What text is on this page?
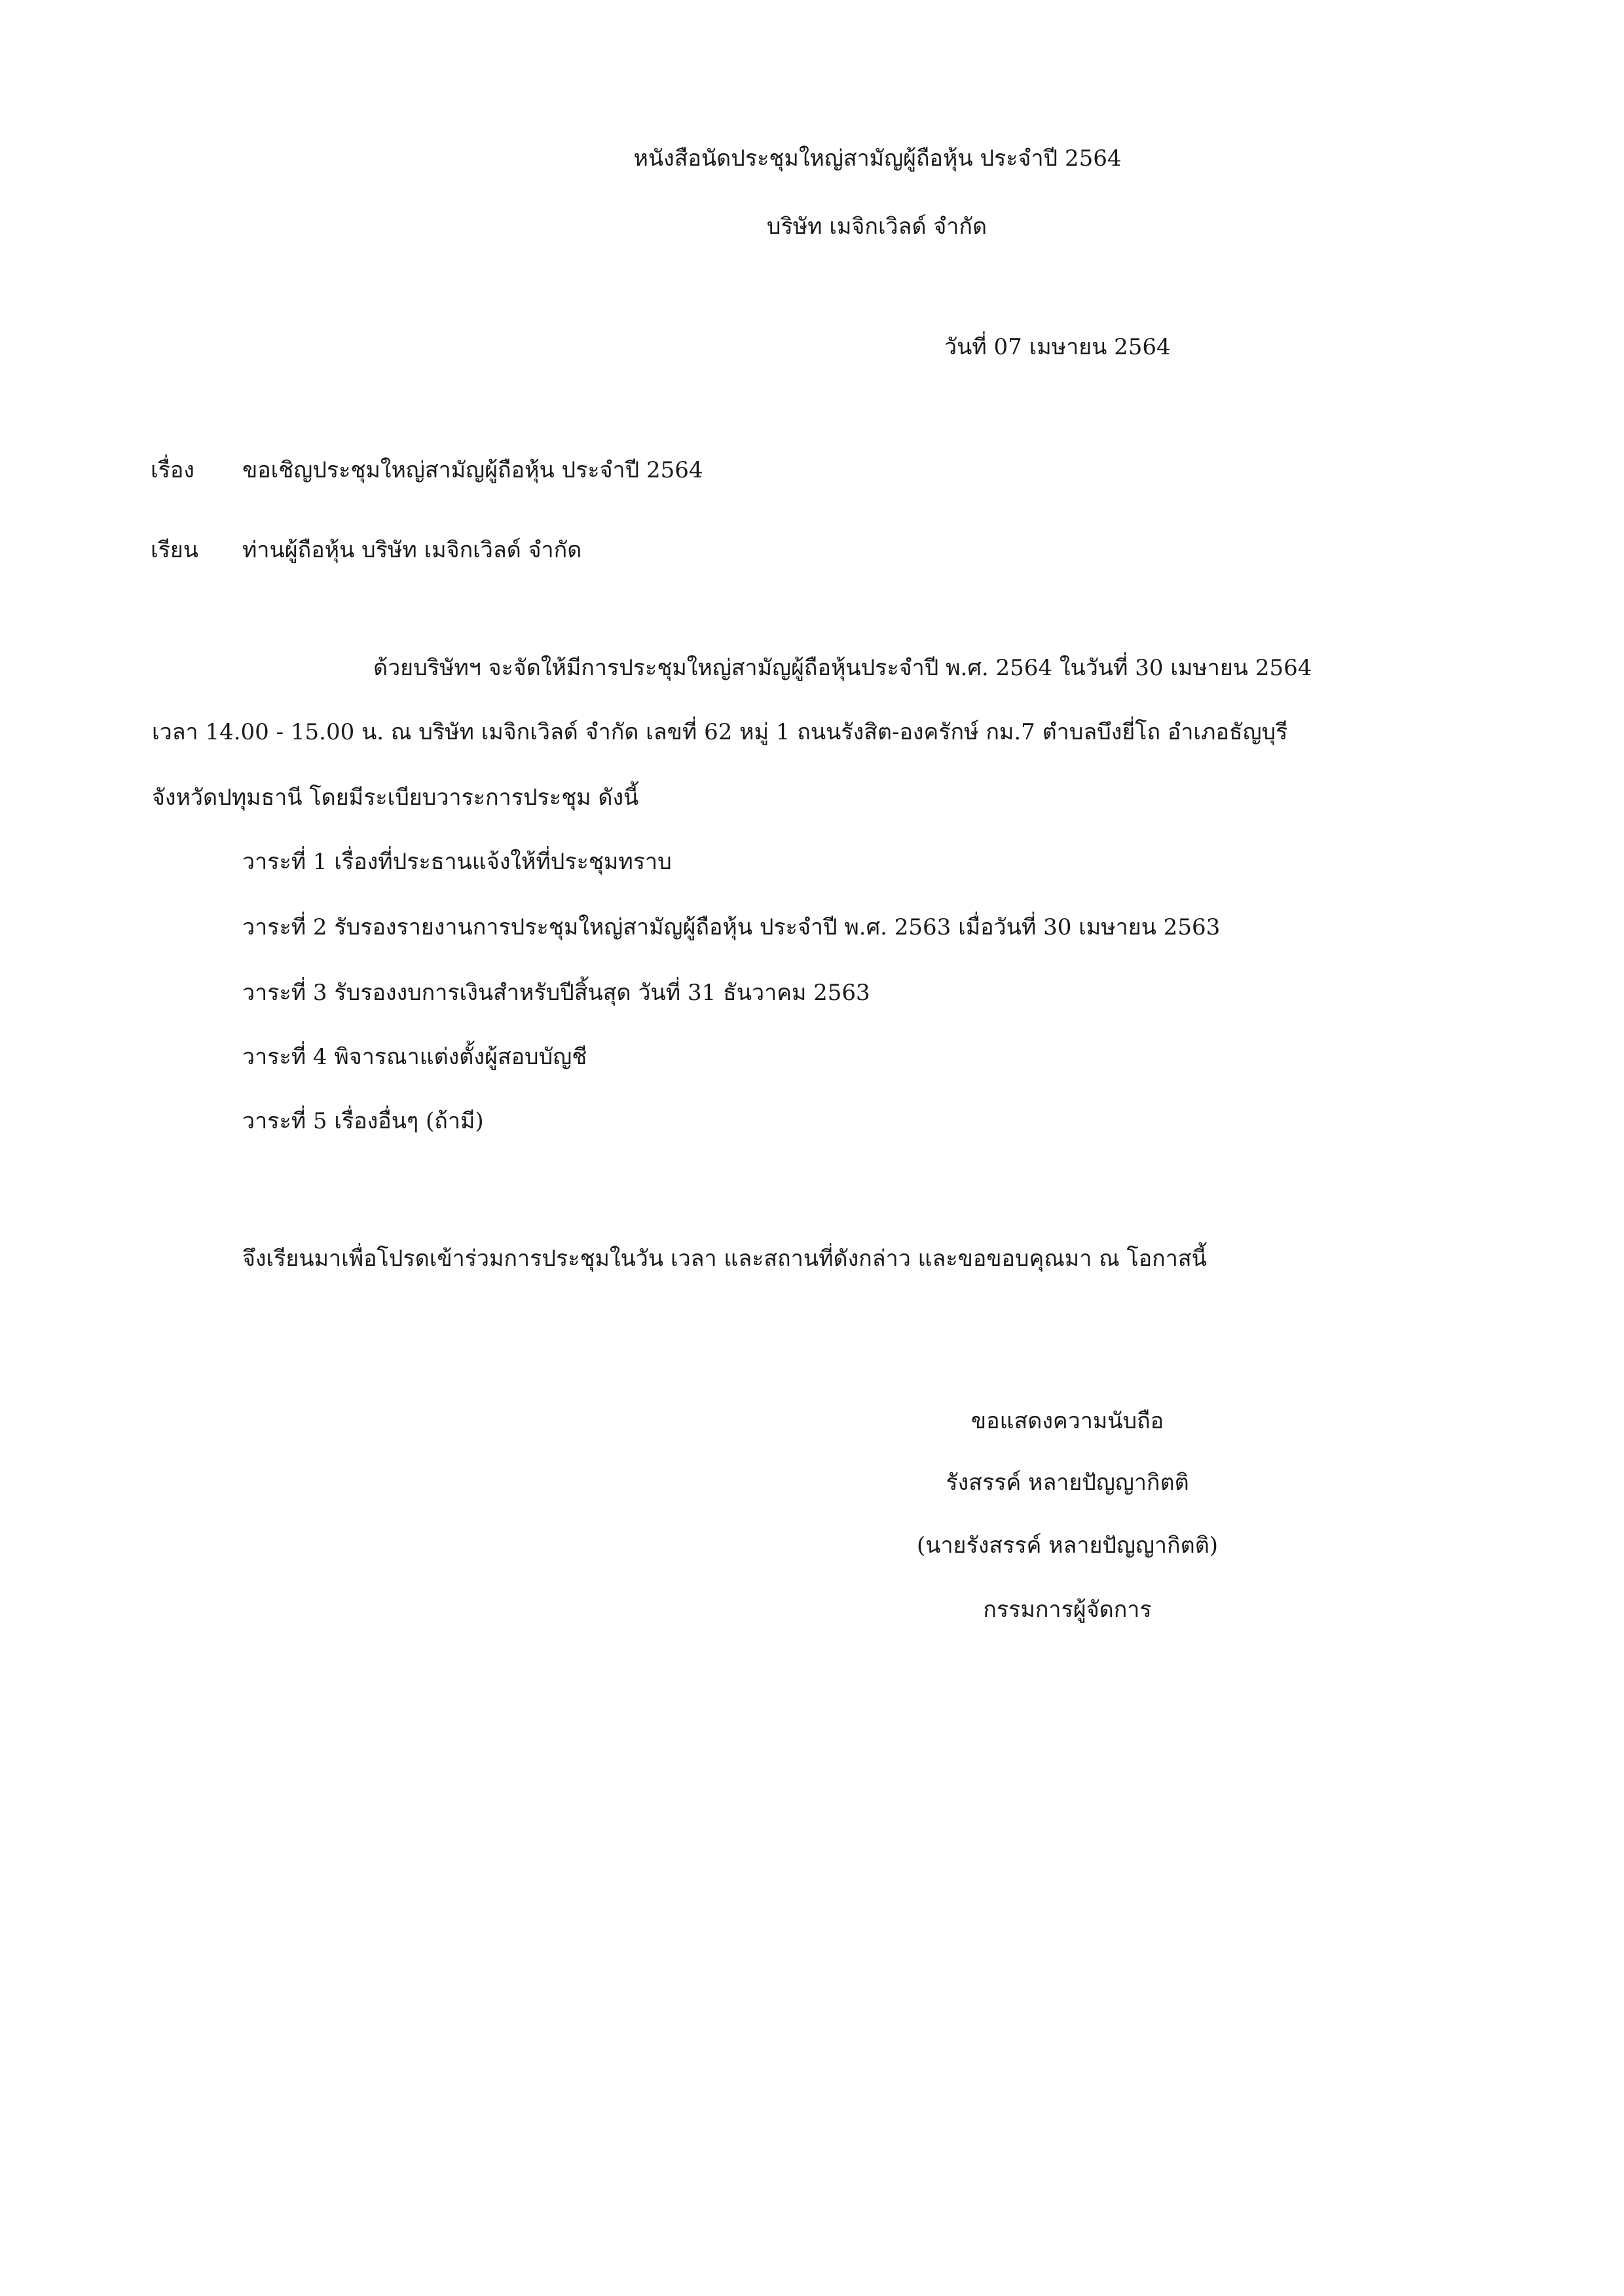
หนังสือนัดประชุมใหญ่สามัญผู้ถือหุ้น ประจำปี 2564
บริษัท เมจิกเวิลด์ จำกัด
วันที่ 07 เมษายน 2564
เรื่อง ขอเชิญประชุมใหญ่สามัญผู้ถือหุ้น ประจำปี 2564
เรียน ท่านผู้ถือหุ้น บริษัท เมจิกเวิลด์ จำกัด
ด้วยบริษัทฯ จะจัดให้มีการประชุมใหญ่สามัญผู้ถือหุ้นประจำปี พ.ศ. 2564 ในวันที่ 30 เมษายน 2564
เวลา 14.00 - 15.00 น. ณ บริษัท เมจิกเวิลด์ จำกัด เลขที่ 62 หมู่ 1 ถนนรังสิต-องครักษ์ กม.7 ตำบลบึงยี่โถ อำเภอธัญบุรี
จังหวัดปทุมธานี โดยมีระเบียบวาระการประชุม ดังนี้
วาระที่ 1 เรื่องที่ประธานแจ้งให้ที่ประชุมทราบ
วาระที่ 2 รับรองรายงานการประชุมใหญ่สามัญผู้ถือหุ้น ประจำปี พ.ศ. 2563 เมื่อวันที่ 30 เมษายน 2563
วาระที่ 3 รับรองงบการเงินสำหรับปีสิ้นสุด วันที่ 31 ธันวาคม 2563
วาระที่ 4 พิจารณาแต่งตั้งผู้สอบบัญชี
วาระที่ 5 เรื่องอื่นๆ (ถ้ามี)
จึงเรียนมาเพื่อโปรดเข้าร่วมการประชุมในวัน เวลา และสถานที่ดังกล่าว และขอขอบคุณมา ณ โอกาสนี้
ขอแสดงความนับถือ
รังสรรค์ หลายปัญญากิตติ
(นายรังสรรค์ หลายปัญญากิตติ)
กรรมการผู้จัดการ
